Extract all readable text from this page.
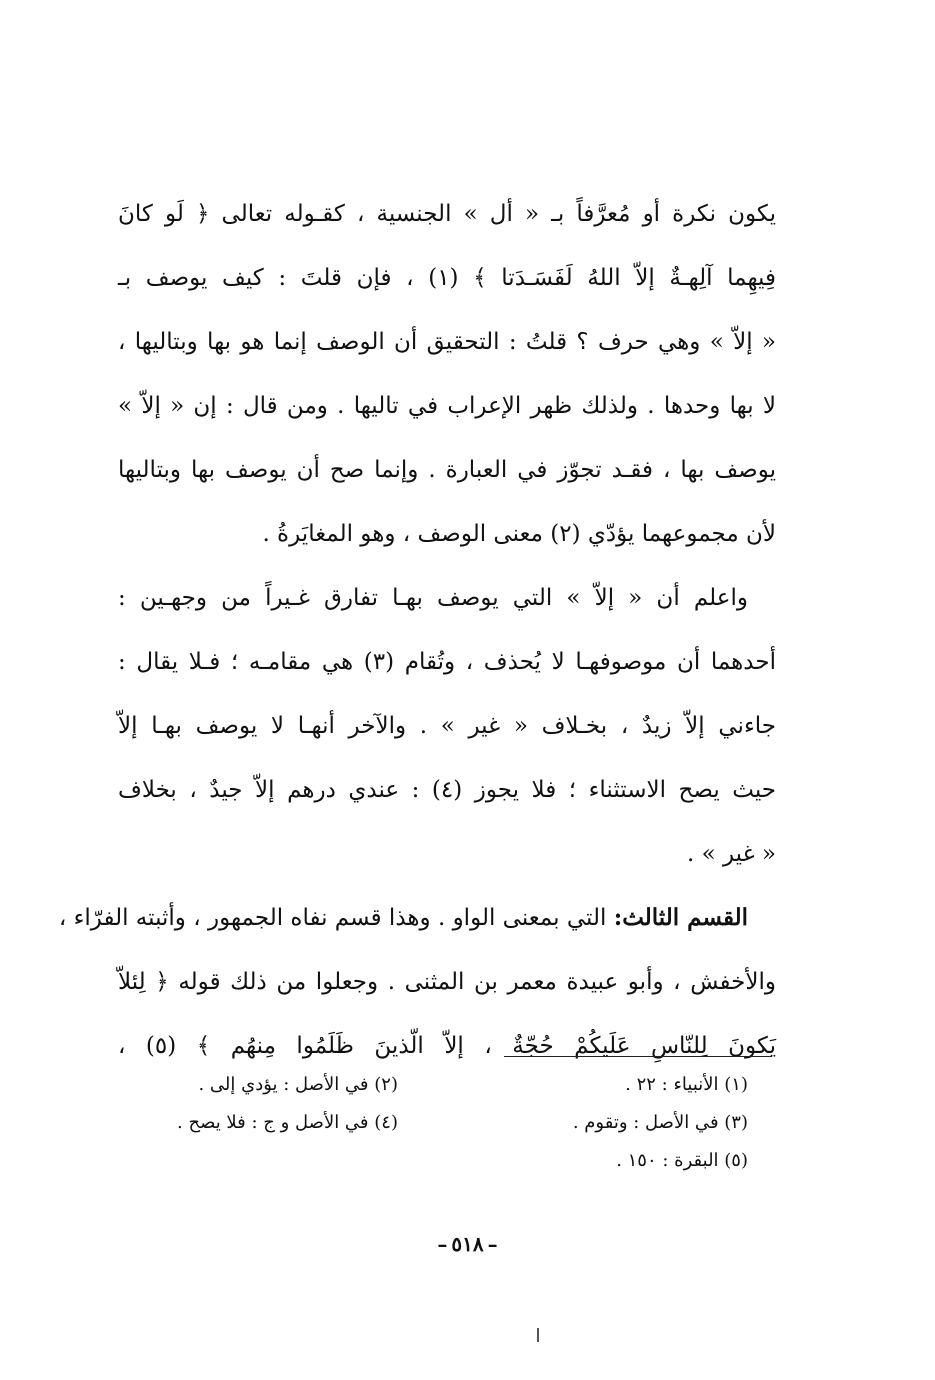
يكون نكرة أو مُعرَّفاً بـ « أل » الجنسية ، كقـوله تعالى ﴿ لَو كانَ
فِيهِما آلِهـةٌ إلاّ اللهُ لَفَسَـدَتا ﴾ (١) ، فإن قلتَ : كيف يوصف بـ
« إلاّ » وهي حرف ؟ قلتُ : التحقيق أن الوصف إنما هو بها وبتاليها ،
لا بها وحدها . ولذلك ظهر الإعراب في تاليها . ومن قال : إن « إلاّ »
يوصف بها ، فقـد تجوّز في العبارة . وإنما صح أن يوصف بها وبتاليها
لأن مجموعهما يؤدّي (٢) معنى الوصف ، وهو المغايَرةُ .
واعلم أن « إلاّ » التي يوصف بهـا تفارق غـيراً من وجهـين :
أحدهما أن موصوفهـا لا يُحذف ، وتُقام (٣) هي مقامـه ؛ فـلا يقال :
جاءني إلاّ زيدٌ ، بخـلاف « غير » . والآخر أنهـا لا يوصف بهـا إلاّ
حيث يصح الاستثناء ؛ فلا يجوز (٤) : عندي درهم إلاّ جيدٌ ، بخلاف
« غير » .
القسم الثالث: التي بمعنى الواو . وهذا قسم نفاه الجمهور ، وأثبته الفرّاء ،
والأخفش ، وأبو عبيدة معمر بن المثنى . وجعلوا من ذلك قوله ﴿ لِئلاّ
يَكونَ لِلنّاسِ عَلَيكُمْ حُجّةٌ ، إلاّ الّذينَ ظَلَمُوا مِنهُم ﴾ (٥) ،
(١) الأنبياء : ٢٢ .
(٢) في الأصل : يؤدي إلى .
(٣) في الأصل : وتقوم .
(٤) في الأصل و ج : فلا يصح .
(٥) البقرة : ١٥٠ .
–٥١٨–
